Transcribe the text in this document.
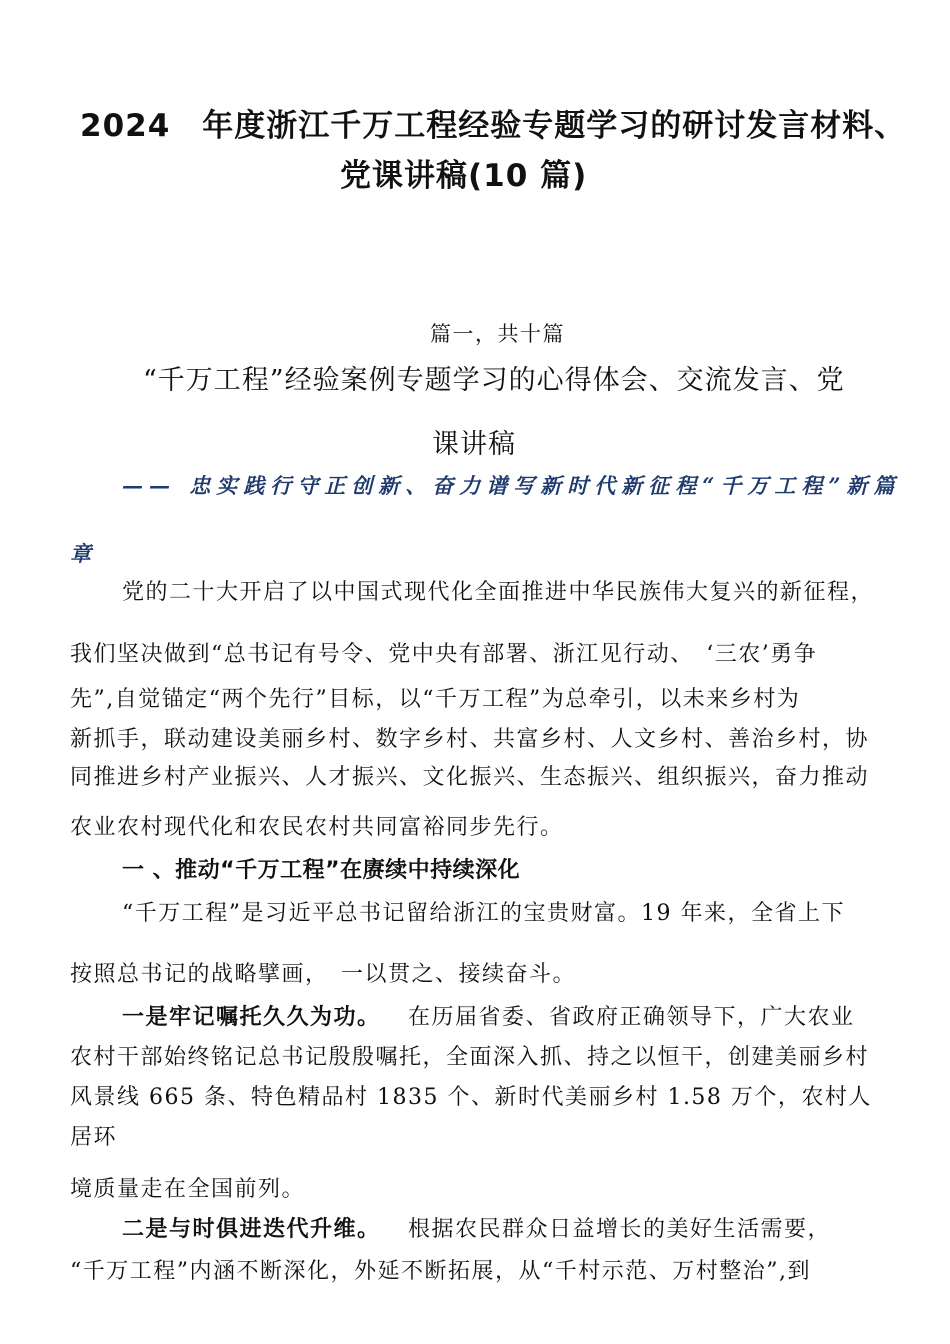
2024　年度浙江千万工程经验专题学习的研讨发言材料、
党课讲稿(10 篇)
篇一，共十篇
“千万工程”经验案例专题学习的心得体会、交流发言、党
课讲稿
—— 忠实践行守正创新、奋力谱写新时代新征程“千万工程”新篇
章
党的二十大开启了以中国式现代化全面推进中华民族伟大复兴的新征程，
我们坚决做到“总书记有号令、党中央有部署、浙江见行动、　‘三农’勇争
先”,自觉锚定“两个先行”目标，以“千万工程”为总牵引，以未来乡村为
新抓手，联动建设美丽乡村、数字乡村、共富乡村、人文乡村、善治乡村，协
同推进乡村产业振兴、人才振兴、文化振兴、生态振兴、组织振兴，奋力推动
农业农村现代化和农民农村共同富裕同步先行。
一 、推动“千万工程”在赓续中持续深化
“千万工程”是习近平总书记留给浙江的宝贵财富。19 年来，全省上下
按照总书记的战略擘画，　一以贯之、接续奋斗。
一是牢记嘱托久久为功。 在历届省委、省政府正确领导下，广大农业
农村干部始终铭记总书记殷殷嘱托，全面深入抓、持之以恒干，创建美丽乡村
风景线 665 条、特色精品村 1835 个、新时代美丽乡村 1.58 万个，农村人
居环
境质量走在全国前列。
二是与时俱进迭代升维。 根据农民群众日益增长的美好生活需要，
“千万工程”内涵不断深化，外延不断拓展，从“千村示范、万村整治”,到
